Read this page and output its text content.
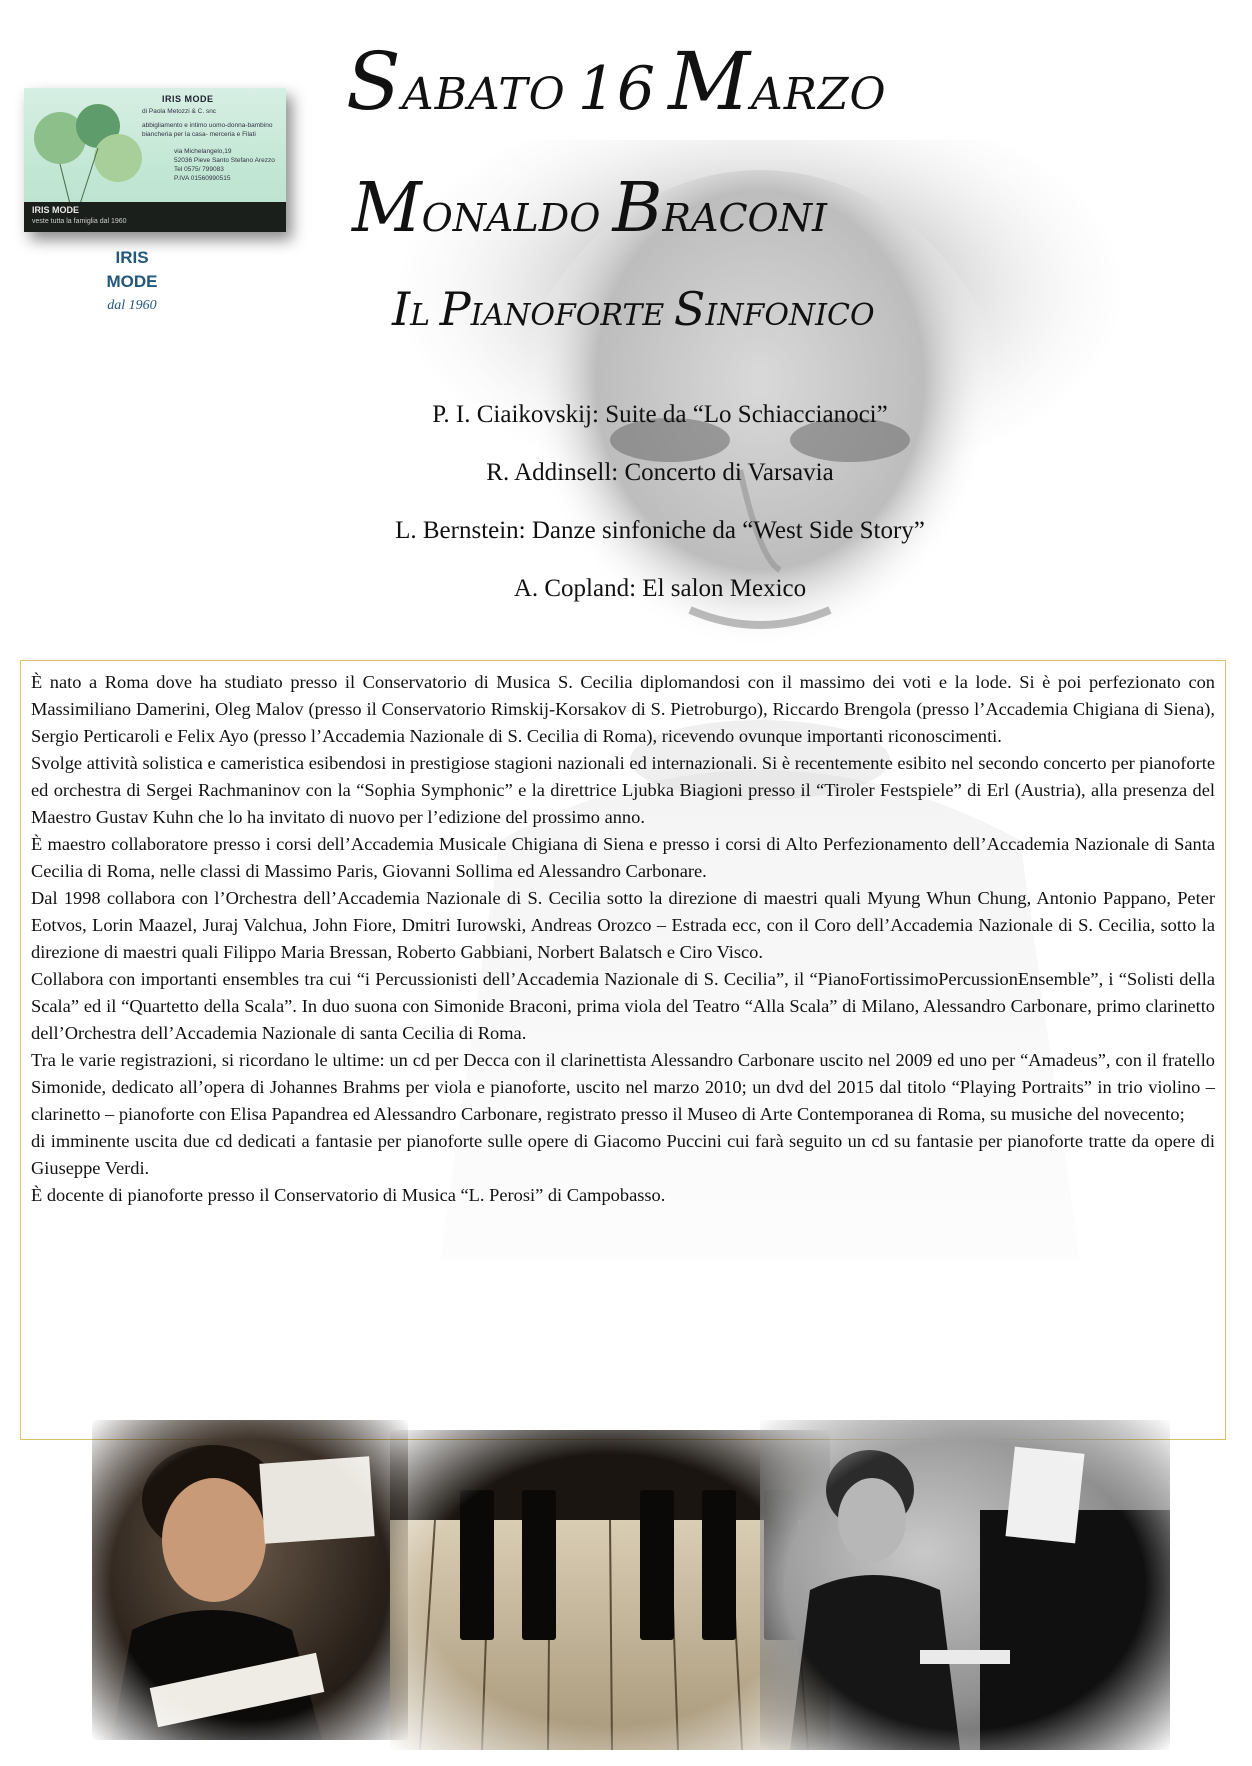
IRIS MODE
di Paola Metozzi & C. snc
abbigliamento e intimo uomo-donna-bambino
biancheria per la casa- merceria e Filati
via Michelangelo,19
52036 Pieve Santo Stefano Arezzo
Tel 0575/ 799083
P.IVA 01560990515
IRIS MODE
veste tutta la famiglia dal 1960
IRIS
MODE
dal 1960
SABATO 16 MARZO
MONALDO BRACONI
IL PIANOFORTE SINFONICO
P. I. Ciaikovskij: Suite da “Lo Schiaccianoci”
R. Addinsell: Concerto di Varsavia
L. Bernstein: Danze sinfoniche da “West Side Story”
A. Copland: El salon Mexico

È nato a Roma dove ha studiato presso il Conservatorio di Musica S. Cecilia diplomandosi con il massimo dei voti e la lode. Si è poi perfezionato con Massimiliano Damerini, Oleg Malov (presso il Conservatorio Rimskij-Korsakov di S. Pietroburgo), Riccardo Brengola (presso l’Accademia Chigiana di Siena), Sergio Perticaroli e Felix Ayo (presso l’Accademia Nazionale di S. Cecilia di Roma), ricevendo ovunque importanti riconoscimenti.

Svolge attività solistica e cameristica esibendosi in prestigiose stagioni nazionali ed internazionali. Si è recentemente esibito nel secondo concerto per pianoforte ed orchestra di Sergei Rachmaninov con la “Sophia Symphonic” e la direttrice Ljubka Biagioni presso il “Tiroler Festspiele” di Erl (Austria), alla presenza del Maestro Gustav Kuhn che lo ha invitato di nuovo per l’edizione del prossimo anno.

È maestro collaboratore presso i corsi dell’Accademia Musicale Chigiana di Siena e presso i corsi di Alto Perfezionamento dell’Accademia Nazionale di Santa Cecilia di Roma, nelle classi di Massimo Paris, Giovanni Sollima ed Alessandro Carbonare.

Dal 1998 collabora con l’Orchestra dell’Accademia Nazionale di S. Cecilia sotto la direzione di maestri quali Myung Whun Chung, Antonio Pappano, Peter Eotvos, Lorin Maazel, Juraj Valchua, John Fiore, Dmitri Iurowski, Andreas Orozco – Estrada ecc, con il Coro dell’Accademia Nazionale di S. Cecilia, sotto la direzione di maestri quali Filippo Maria Bressan, Roberto Gabbiani, Norbert Balatsch e Ciro Visco.

Collabora con importanti ensembles tra cui “i Percussionisti dell’Accademia Nazionale di S. Cecilia”, il “PianoFortissimoPercussionEnsemble”, i “Solisti della Scala” ed il “Quartetto della Scala”. In duo suona con Simonide Braconi, prima viola del Teatro “Alla Scala” di Milano, Alessandro Carbonare, primo clarinetto dell’Orchestra dell’Accademia Nazionale di santa Cecilia di Roma.

Tra le varie registrazioni, si ricordano le ultime: un cd per Decca con il clarinettista Alessandro Carbonare uscito nel 2009 ed uno per “Amadeus”, con il fratello Simonide, dedicato all’opera di Johannes Brahms per viola e pianoforte, uscito nel marzo 2010; un dvd del 2015 dal titolo “Playing Portraits” in trio violino – clarinetto – pianoforte con Elisa Papandrea ed Alessandro Carbonare, registrato presso il Museo di Arte Contemporanea di Roma, su musiche del novecento;

di imminente uscita due cd dedicati a fantasie per pianoforte sulle opere di Giacomo Puccini cui farà seguito un cd su fantasie per pianoforte tratte da opere di Giuseppe Verdi.

È docente di pianoforte presso il Conservatorio di Musica “L. Perosi” di Campobasso.
